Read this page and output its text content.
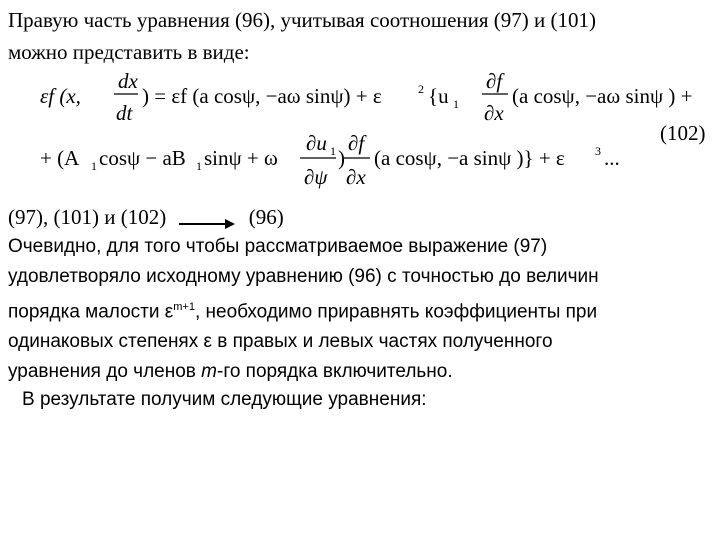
Правую часть уравнения (96), учитывая соотношения (97) и (101)
можно представить в виде:
εf (x,
dx
dt
) = εf (a cosψ, −aω sinψ) + ε	2 {u 1
∂f
∂x
(a cosψ, −aω sinψ ) +
(102)
+ (A 1 cosψ − aB 1 sinψ + ω
∂u 1
∂ψ
)
∂f
∂x
(a cosψ, −a sinψ )} + ε	3 ...
(97), (101) и (102)	(96)
Очевидно, для того чтобы рассматриваемое выражение (97)
удовлетворяло исходному уравнению (96) с точностью до величин
порядка малости $\varepsilon^{m+1}$, необходимо приравнять коэффициенты при
одинаковых степенях ε в правых и левых частях полученного
уравнения до членов m-го порядка включительно.
В результате получим следующие уравнения:
